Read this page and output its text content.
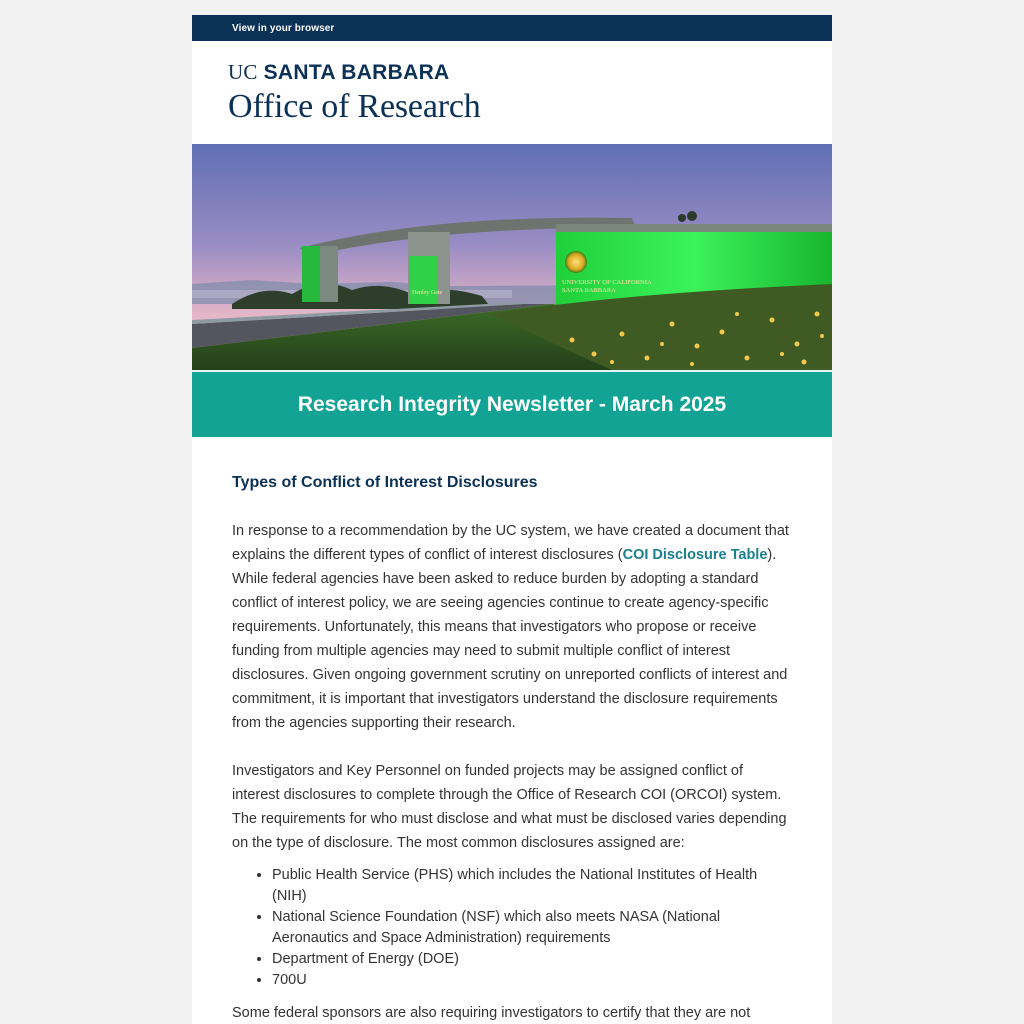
View in your browser
UC SANTA BARBARA
Office of Research
Henley Gate
UNIVERSITY OF CALIFORNIA
SANTA BARBARA
Research Integrity Newsletter - March 2025
Types of Conflict of Interest Disclosures

In response to a recommendation by the UC system, we have created a document that explains the different types of conflict of interest disclosures (COI Disclosure Table). While federal agencies have been asked to reduce burden by adopting a standard conflict of interest policy, we are seeing agencies continue to create agency-specific requirements. Unfortunately, this means that investigators who propose or receive funding from multiple agencies may need to submit multiple conflict of interest disclosures. Given ongoing government scrutiny on unreported conflicts of interest and commitment, it is important that investigators understand the disclosure requirements from the agencies supporting their research.

Investigators and Key Personnel on funded projects may be assigned conflict of interest disclosures to complete through the Office of Research COI (ORCOI) system. The requirements for who must disclose and what must be disclosed varies depending on the type of disclosure. The most common disclosures assigned are:

• Public Health Service (PHS) which includes the National Institutes of Health (NIH)
• National Science Foundation (NSF) which also meets NASA (National Aeronautics and Space Administration) requirements
• Department of Energy (DOE)
• 700U

Some federal sponsors are also requiring investigators to certify that they are not
